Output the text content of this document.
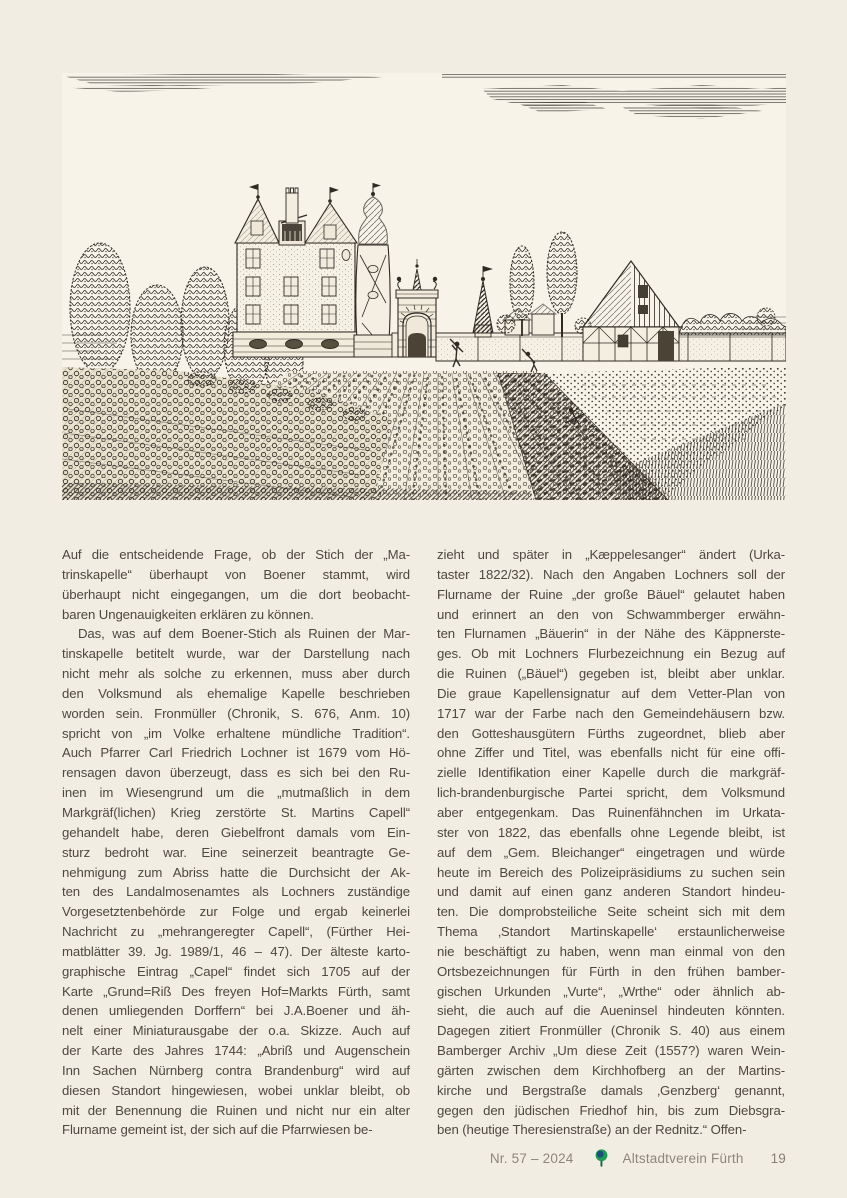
Auf die entscheidende Frage, ob der Stich der „Ma-
trinskapelle“ überhaupt von Boener stammt, wird
überhaupt nicht eingegangen, um die dort beobacht-
baren Ungenauigkeiten erklären zu können.

Das, was auf dem Boener-Stich als Ruinen der Mar-
tinskapelle betitelt wurde, war der Darstellung nach
nicht mehr als solche zu erkennen, muss aber durch
den Volksmund als ehemalige Kapelle beschrieben
worden sein. Fronmüller (Chronik, S. 676, Anm. 10)
spricht von „im Volke erhaltene mündliche Tradition“.
Auch Pfarrer Carl Friedrich Lochner ist 1679 vom Hö-
rensagen davon überzeugt, dass es sich bei den Ru-
inen im Wiesengrund um die „mutmaßlich in dem
Markgräf(lichen) Krieg zerstörte St. Martins Capell“
gehandelt habe, deren Giebelfront damals vom Ein-
sturz bedroht war. Eine seinerzeit beantragte Ge-
nehmigung zum Abriss hatte die Durchsicht der Ak-
ten des Landalmosenamtes als Lochners zuständige
Vorgesetztenbehörde zur Folge und ergab keinerlei
Nachricht zu „mehrangeregter Capell“, (Fürther Hei-
matblätter 39. Jg. 1989/1, 46 – 47). Der älteste karto-
graphische Eintrag „Capel“ findet sich 1705 auf der
Karte „Grund=Riß Des freyen Hof=Markts Fürth, samt
denen umliegenden Dorffern“ bei J.A.Boener und äh-
nelt einer Miniaturausgabe der o.a. Skizze. Auch auf
der Karte des Jahres 1744: „Abriß und Augenschein
Inn Sachen Nürnberg contra Brandenburg“ wird auf
diesen Standort hingewiesen, wobei unklar bleibt, ob
mit der Benennung die Ruinen und nicht nur ein alter
Flurname gemeint ist, der sich auf die Pfarrwiesen be-

zieht und später in „Kæppelesanger“ ändert (Urka-
taster 1822/32). Nach den Angaben Lochners soll der
Flurname der Ruine „der große Bäuel“ gelautet haben
und erinnert an den von Schwammberger erwähn-
ten Flurnamen „Bäuerin“ in der Nähe des Käppnerste-
ges. Ob mit Lochners Flurbezeichnung ein Bezug auf
die Ruinen („Bäuel“) gegeben ist, bleibt aber unklar.
Die graue Kapellensignatur auf dem Vetter-Plan von
1717 war der Farbe nach den Gemeindehäusern bzw.
den Gotteshausgütern Fürths zugeordnet, blieb aber
ohne Ziffer und Titel, was ebenfalls nicht für eine offi-
zielle Identifikation einer Kapelle durch die markgräf-
lich-brandenburgische Partei spricht, dem Volksmund
aber entgegenkam. Das Ruinenfähnchen im Urkata-
ster von 1822, das ebenfalls ohne Legende bleibt, ist
auf dem „Gem. Bleichanger“ eingetragen und würde
heute im Bereich des Polizeipräsidiums zu suchen sein
und damit auf einen ganz anderen Standort hindeu-
ten. Die domprobsteiliche Seite scheint sich mit dem
Thema ‚Standort Martinskapelle‘ erstaunlicherweise
nie beschäftigt zu haben, wenn man einmal von den
Ortsbezeichnungen für Fürth in den frühen bamber-
gischen Urkunden „Vurte“, „Wrthe“ oder ähnlich ab-
sieht, die auch auf die Aueninsel hindeuten könnten.
Dagegen zitiert Fronmüller (Chronik S. 40) aus einem
Bamberger Archiv „Um diese Zeit (1557?) waren Wein-
gärten zwischen dem Kirchhofberg an der Martins-
kirche und Bergstraße damals ‚Genzberg‘ genannt,
gegen den jüdischen Friedhof hin, bis zum Diebsgra-
ben (heutige Theresienstraße) an der Rednitz.“ Offen-

Nr. 57 – 2024	Altstadtverein Fürth 19
